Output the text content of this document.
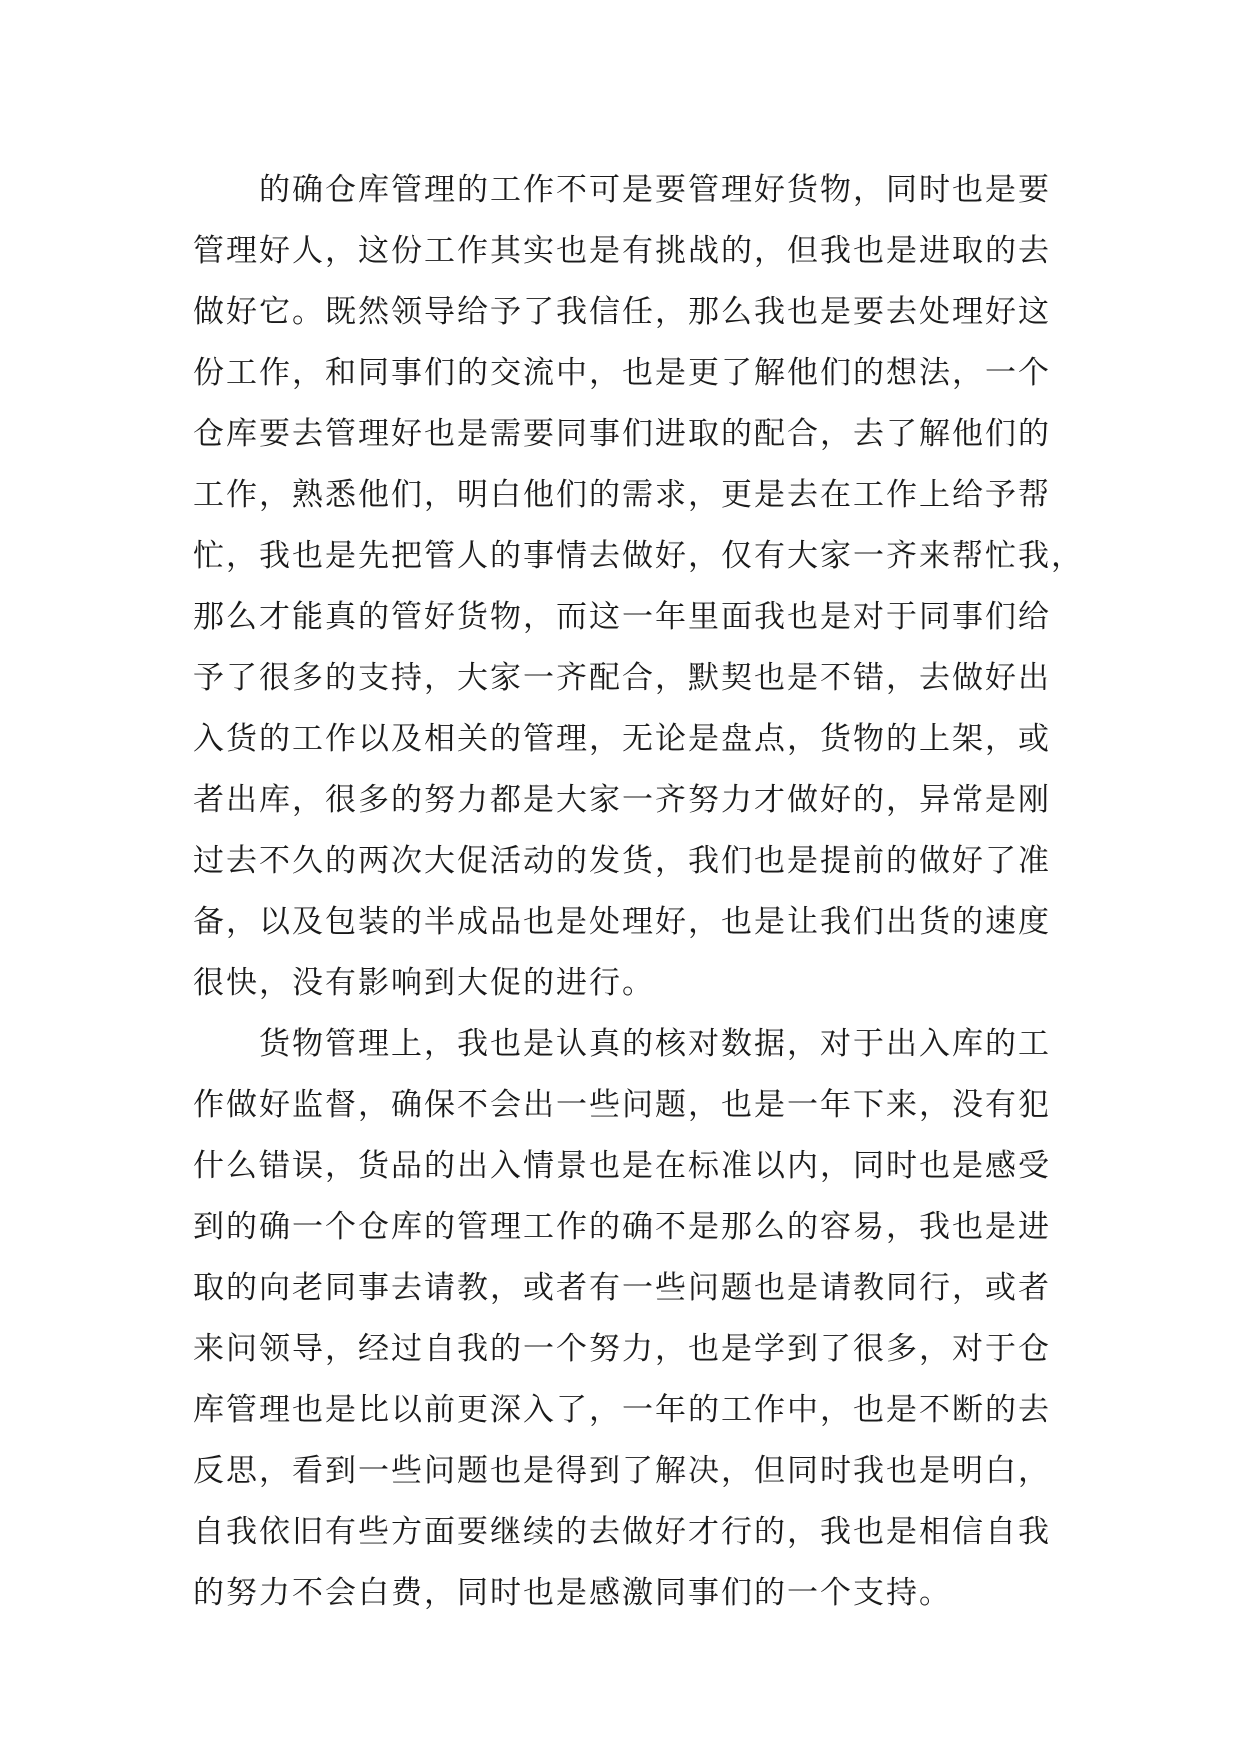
　　的确仓库管理的工作不可是要管理好货物，同时也是要
管理好人，这份工作其实也是有挑战的，但我也是进取的去
做好它。既然领导给予了我信任，那么我也是要去处理好这
份工作，和同事们的交流中，也是更了解他们的想法，一个
仓库要去管理好也是需要同事们进取的配合，去了解他们的
工作，熟悉他们，明白他们的需求，更是去在工作上给予帮
忙，我也是先把管人的事情去做好，仅有大家一齐来帮忙我，
那么才能真的管好货物，而这一年里面我也是对于同事们给
予了很多的支持，大家一齐配合，默契也是不错，去做好出
入货的工作以及相关的管理，无论是盘点，货物的上架，或
者出库，很多的努力都是大家一齐努力才做好的，异常是刚
过去不久的两次大促活动的发货，我们也是提前的做好了准
备，以及包装的半成品也是处理好，也是让我们出货的速度
很快，没有影响到大促的进行。
　　货物管理上，我也是认真的核对数据，对于出入库的工
作做好监督，确保不会出一些问题，也是一年下来，没有犯
什么错误，货品的出入情景也是在标准以内，同时也是感受
到的确一个仓库的管理工作的确不是那么的容易，我也是进
取的向老同事去请教，或者有一些问题也是请教同行，或者
来问领导，经过自我的一个努力，也是学到了很多，对于仓
库管理也是比以前更深入了，一年的工作中，也是不断的去
反思，看到一些问题也是得到了解决，但同时我也是明白，
自我依旧有些方面要继续的去做好才行的，我也是相信自我
的努力不会白费，同时也是感激同事们的一个支持。
